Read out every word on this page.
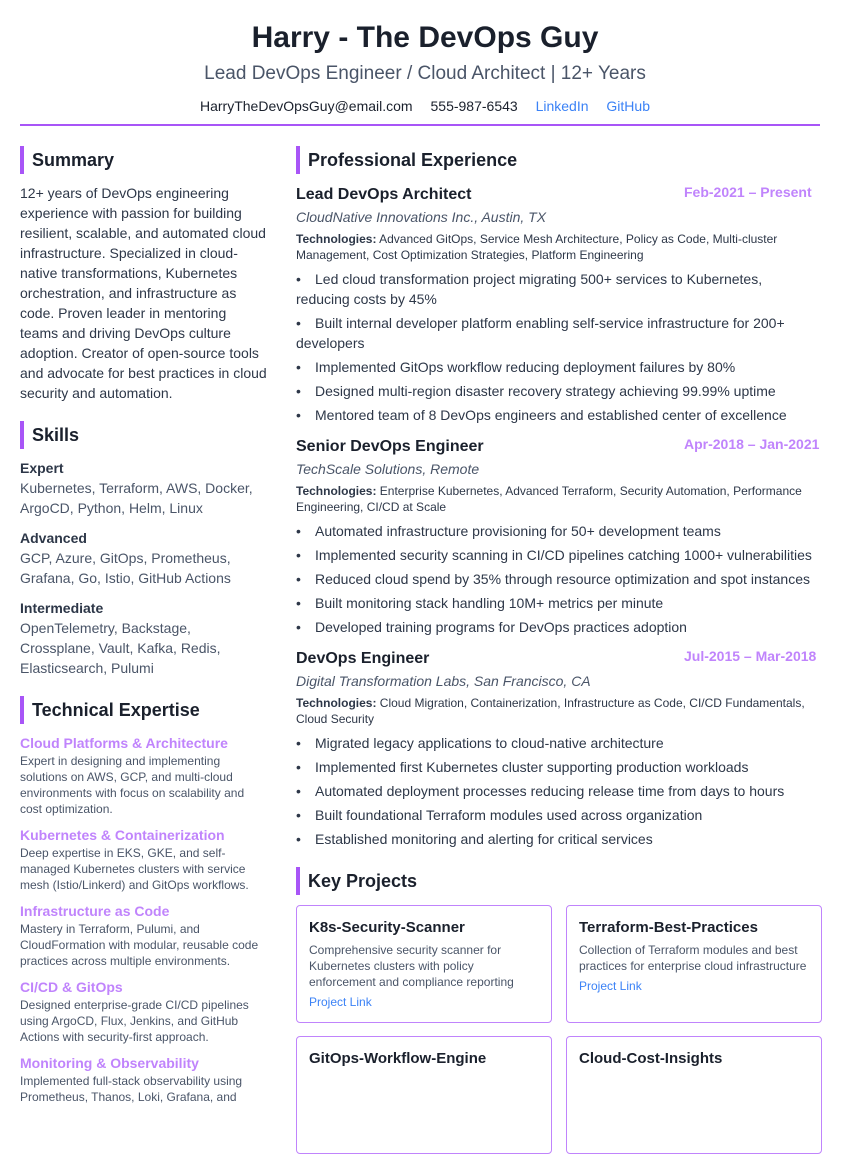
Harry - The DevOps Guy
Lead DevOps Engineer / Cloud Architect | 12+ Years
HarryTheDevOpsGuy@email.com 555-987-6543 LinkedIn GitHub
Summary
12+ years of DevOps engineering experience with passion for building resilient, scalable, and automated cloud infrastructure. Specialized in cloud-native transformations, Kubernetes orchestration, and infrastructure as code. Proven leader in mentoring teams and driving DevOps culture adoption. Creator of open-source tools and advocate for best practices in cloud security and automation.
Skills
Expert
Kubernetes, Terraform, AWS, Docker, ArgoCD, Python, Helm, Linux
Advanced
GCP, Azure, GitOps, Prometheus, Grafana, Go, Istio, GitHub Actions
Intermediate
OpenTelemetry, Backstage, Crossplane, Vault, Kafka, Redis, Elasticsearch, Pulumi
Technical Expertise
Cloud Platforms & Architecture
Expert in designing and implementing solutions on AWS, GCP, and multi-cloud environments with focus on scalability and cost optimization.
Kubernetes & Containerization
Deep expertise in EKS, GKE, and self-managed Kubernetes clusters with service mesh (Istio/Linkerd) and GitOps workflows.
Infrastructure as Code
Mastery in Terraform, Pulumi, and CloudFormation with modular, reusable code practices across multiple environments.
CI/CD & GitOps
Designed enterprise-grade CI/CD pipelines using ArgoCD, Flux, Jenkins, and GitHub Actions with security-first approach.
Monitoring & Observability
Implemented full-stack observability using Prometheus, Thanos, Loki, Grafana, and
Professional Experience
Lead DevOps Architect	Feb-2021 – Present
CloudNative Innovations Inc., Austin, TX
Technologies: Advanced GitOps, Service Mesh Architecture, Policy as Code, Multi-cluster Management, Cost Optimization Strategies, Platform Engineering
• Led cloud transformation project migrating 500+ services to Kubernetes, reducing costs by 45%
• Built internal developer platform enabling self-service infrastructure for 200+ developers
• Implemented GitOps workflow reducing deployment failures by 80%
• Designed multi-region disaster recovery strategy achieving 99.99% uptime
• Mentored team of 8 DevOps engineers and established center of excellence
Senior DevOps Engineer	Apr-2018 – Jan-2021
TechScale Solutions, Remote
Technologies: Enterprise Kubernetes, Advanced Terraform, Security Automation, Performance Engineering, CI/CD at Scale
• Automated infrastructure provisioning for 50+ development teams
• Implemented security scanning in CI/CD pipelines catching 1000+ vulnerabilities
• Reduced cloud spend by 35% through resource optimization and spot instances
• Built monitoring stack handling 10M+ metrics per minute
• Developed training programs for DevOps practices adoption
DevOps Engineer	Jul-2015 – Mar-2018
Digital Transformation Labs, San Francisco, CA
Technologies: Cloud Migration, Containerization, Infrastructure as Code, CI/CD Fundamentals, Cloud Security
• Migrated legacy applications to cloud-native architecture
• Implemented first Kubernetes cluster supporting production workloads
• Automated deployment processes reducing release time from days to hours
• Built foundational Terraform modules used across organization
• Established monitoring and alerting for critical services
Key Projects
K8s-Security-Scanner
Comprehensive security scanner for Kubernetes clusters with policy enforcement and compliance reporting
Project Link
Terraform-Best-Practices
Collection of Terraform modules and best practices for enterprise cloud infrastructure
Project Link
GitOps-Workflow-Engine	Cloud-Cost-Insights
